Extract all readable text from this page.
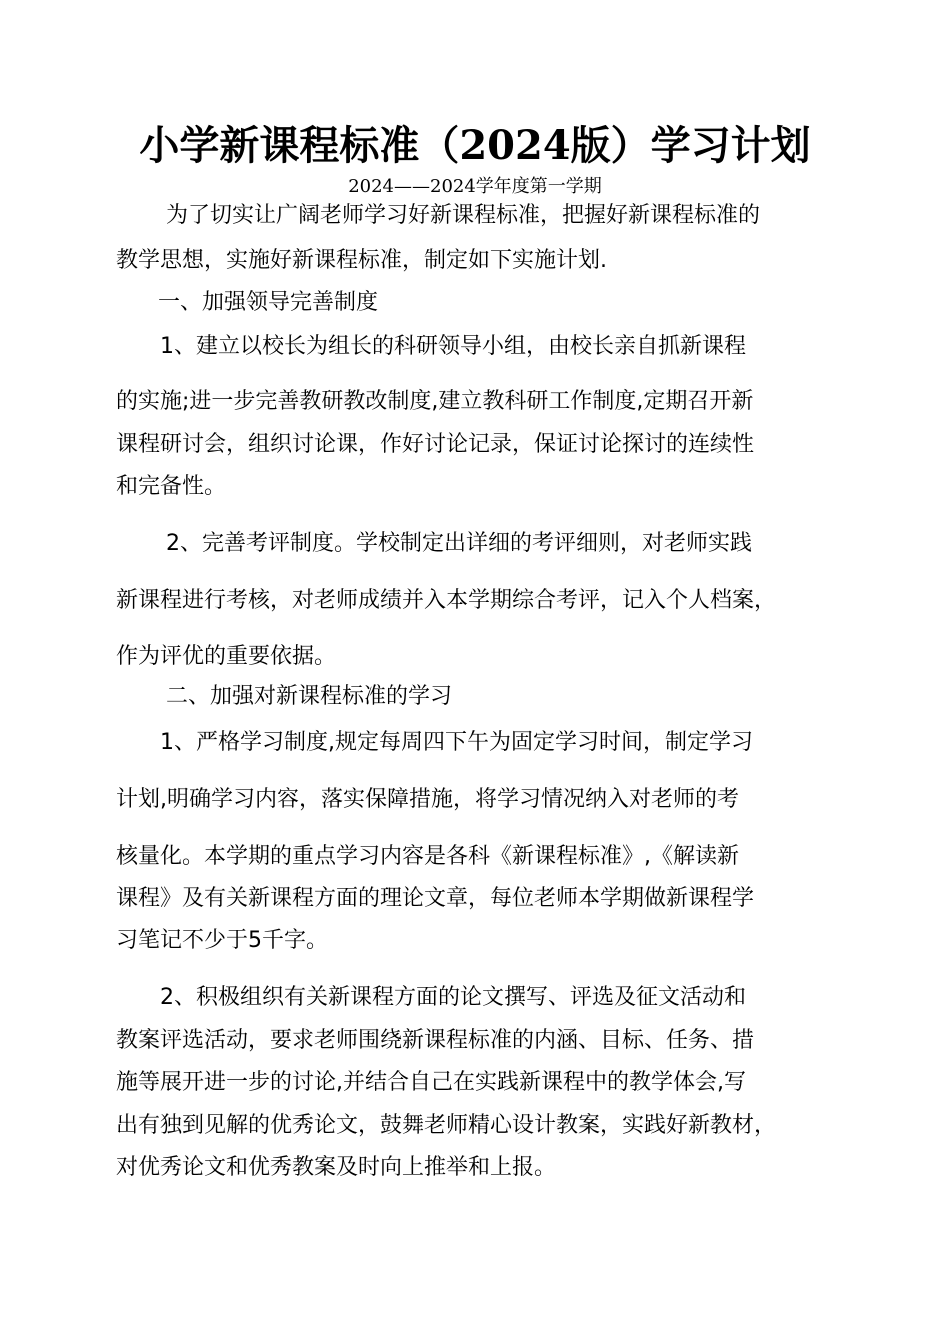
小学新课程标准（2024版）学习计划
2024——2024学年度第一学期
为了切实让广阔老师学习好新课程标准，把握好新课程标准的
教学思想，实施好新课程标准，制定如下实施计划.
一、加强领导完善制度
1、建立以校长为组长的科研领导小组，由校长亲自抓新课程
的实施;进一步完善教研教改制度,建立教科研工作制度,定期召开新
课程研讨会，组织讨论课，作好讨论记录，保证讨论探讨的连续性
和完备性。
2、完善考评制度。学校制定出详细的考评细则，对老师实践
新课程进行考核，对老师成绩并入本学期综合考评，记入个人档案，
作为评优的重要依据。
二、加强对新课程标准的学习
1、严格学习制度,规定每周四下午为固定学习时间，制定学习
计划,明确学习内容，落实保障措施，将学习情况纳入对老师的考
核量化。本学期的重点学习内容是各科《新课程标准》,《解读新
课程》及有关新课程方面的理论文章，每位老师本学期做新课程学
习笔记不少于5千字。
2、积极组织有关新课程方面的论文撰写、评选及征文活动和
教案评选活动，要求老师围绕新课程标准的内涵、目标、任务、措
施等展开进一步的讨论,并结合自己在实践新课程中的教学体会,写
出有独到见解的优秀论文，鼓舞老师精心设计教案，实践好新教材，
对优秀论文和优秀教案及时向上推举和上报。
